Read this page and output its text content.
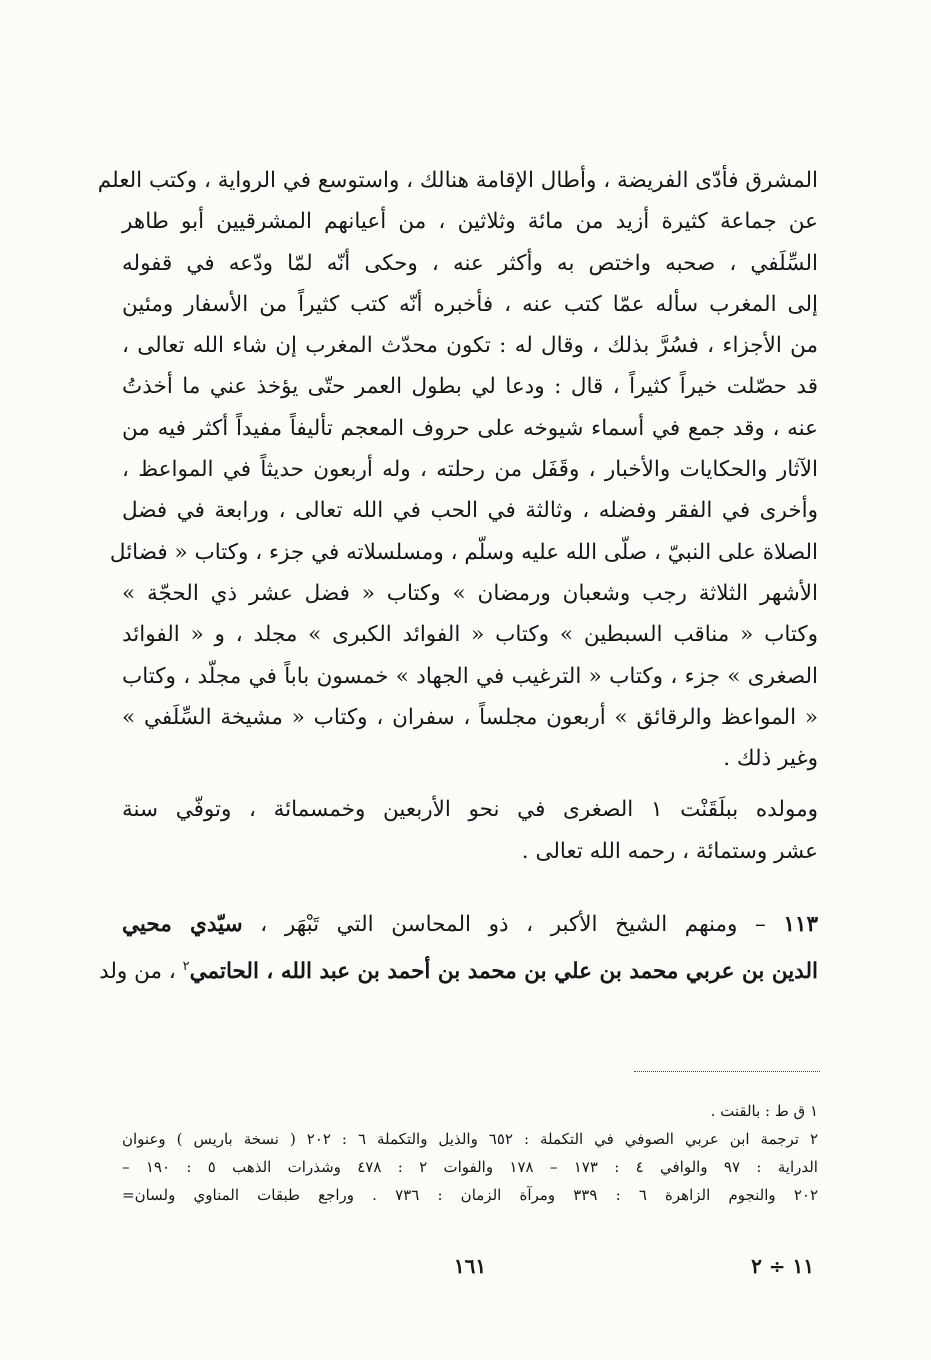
المشرق فأدّى الفريضة ، وأطال الإقامة هنالك ، واستوسع في الرواية ، وكتب العلم
عن جماعة كثيرة أزيد من مائة وثلاثين ، من أعيانهم المشرقيين أبو طاهر
السِّلَفي ، صحبه واختص به وأكثر عنه ، وحكى أنّه لمّا ودّعه في قفوله
إلى المغرب سأله عمّا كتب عنه ، فأخبره أنّه كتب كثيراً من الأسفار ومئين
من الأجزاء ، فسُرَّ بذلك ، وقال له : تكون محدّث المغرب إن شاء الله تعالى ،
قد حصّلت خيراً كثيراً ، قال : ودعا لي بطول العمر حتّى يؤخذ عني ما أخذتُ
عنه ، وقد جمع في أسماء شيوخه على حروف المعجم تأليفاً مفيداً أكثر فيه من
الآثار والحكايات والأخبار ، وقَفَل من رحلته ، وله أربعون حديثاً في المواعظ ،
وأخرى في الفقر وفضله ، وثالثة في الحب في الله تعالى ، ورابعة في فضل
الصلاة على النبيّ ، صلّى الله عليه وسلّم ، ومسلسلاته في جزء ، وكتاب « فضائل
الأشهر الثلاثة رجب وشعبان ورمضان » وكتاب « فضل عشر ذي الحجّة »
وكتاب « مناقب السبطين » وكتاب « الفوائد الكبرى » مجلد ، و « الفوائد
الصغرى » جزء ، وكتاب « الترغيب في الجهاد » خمسون باباً في مجلّد ، وكتاب
« المواعظ والرقائق » أربعون مجلساً ، سفران ، وكتاب « مشيخة السِّلَفي »
وغير ذلك .
ومولده ببلَقَنْت ١ الصغرى في نحو الأربعين وخمسمائة ، وتوفّي سنة
عشر وستمائة ، رحمه الله تعالى .
١١٣ – ومنهم الشيخ الأكبر ، ذو المحاسن التي تَبْهَر ، سيّدي محيي
الدين بن عربي محمد بن علي بن محمد بن أحمد بن عبد الله ، الحاتمي$^٢$ ، من ولد
١ ق ط : بالقنت .
٢ ترجمة ابن عربي الصوفي في التكملة : ٦٥٢ والذيل والتكملة ٦ : ٢٠٢ ( نسخة باريس ) وعنوان
الدراية : ٩٧ والوافي ٤ : ١٧٣ – ١٧٨ والفوات ٢ : ٤٧٨ وشذرات الذهب ٥ : ١٩٠ –
٢٠٢ والنجوم الزاهرة ٦ : ٣٣٩ ومرآة الزمان : ٧٣٦ . وراجع طبقات المناوي ولسان=
١٦١	١١ ÷ ٢
